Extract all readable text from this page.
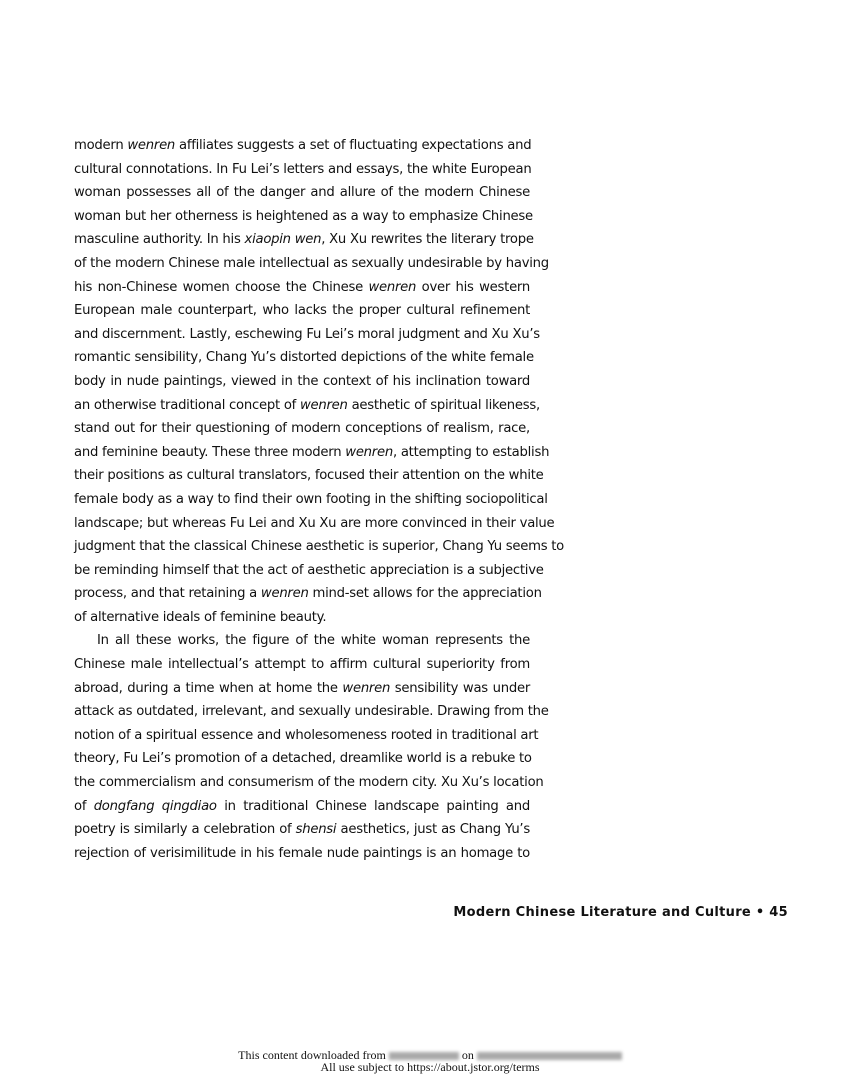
modern wenren affiliates suggests a set of fluctuating expectations and
cultural connotations. In Fu Lei’s letters and essays, the white European
woman possesses all of the danger and allure of the modern Chinese
woman but her otherness is heightened as a way to emphasize Chinese
masculine authority. In his xiaopin wen, Xu Xu rewrites the literary trope
of the modern Chinese male intellectual as sexually undesirable by having
his non-Chinese women choose the Chinese wenren over his western
European male counterpart, who lacks the proper cultural refinement
and discernment. Lastly, eschewing Fu Lei’s moral judgment and Xu Xu’s
romantic sensibility, Chang Yu’s distorted depictions of the white female
body in nude paintings, viewed in the context of his inclination toward
an otherwise traditional concept of wenren aesthetic of spiritual likeness,
stand out for their questioning of modern conceptions of realism, race,
and feminine beauty. These three modern wenren, attempting to establish
their positions as cultural translators, focused their attention on the white
female body as a way to find their own footing in the shifting sociopolitical
landscape; but whereas Fu Lei and Xu Xu are more convinced in their value
judgment that the classical Chinese aesthetic is superior, Chang Yu seems to
be reminding himself that the act of aesthetic appreciation is a subjective
process, and that retaining a wenren mind-set allows for the appreciation
of alternative ideals of feminine beauty.
In all these works, the figure of the white woman represents the
Chinese male intellectual’s attempt to affirm cultural superiority from
abroad, during a time when at home the wenren sensibility was under
attack as outdated, irrelevant, and sexually undesirable. Drawing from the
notion of a spiritual essence and wholesomeness rooted in traditional art
theory, Fu Lei’s promotion of a detached, dreamlike world is a rebuke to
the commercialism and consumerism of the modern city. Xu Xu’s location
of dongfang qingdiao in traditional Chinese landscape painting and
poetry is similarly a celebration of shensi aesthetics, just as Chang Yu’s
rejection of verisimilitude in his female nude paintings is an homage to
Modern Chinese Literature and Culture • 45
This content downloaded from	on
All use subject to https://about.jstor.org/terms
